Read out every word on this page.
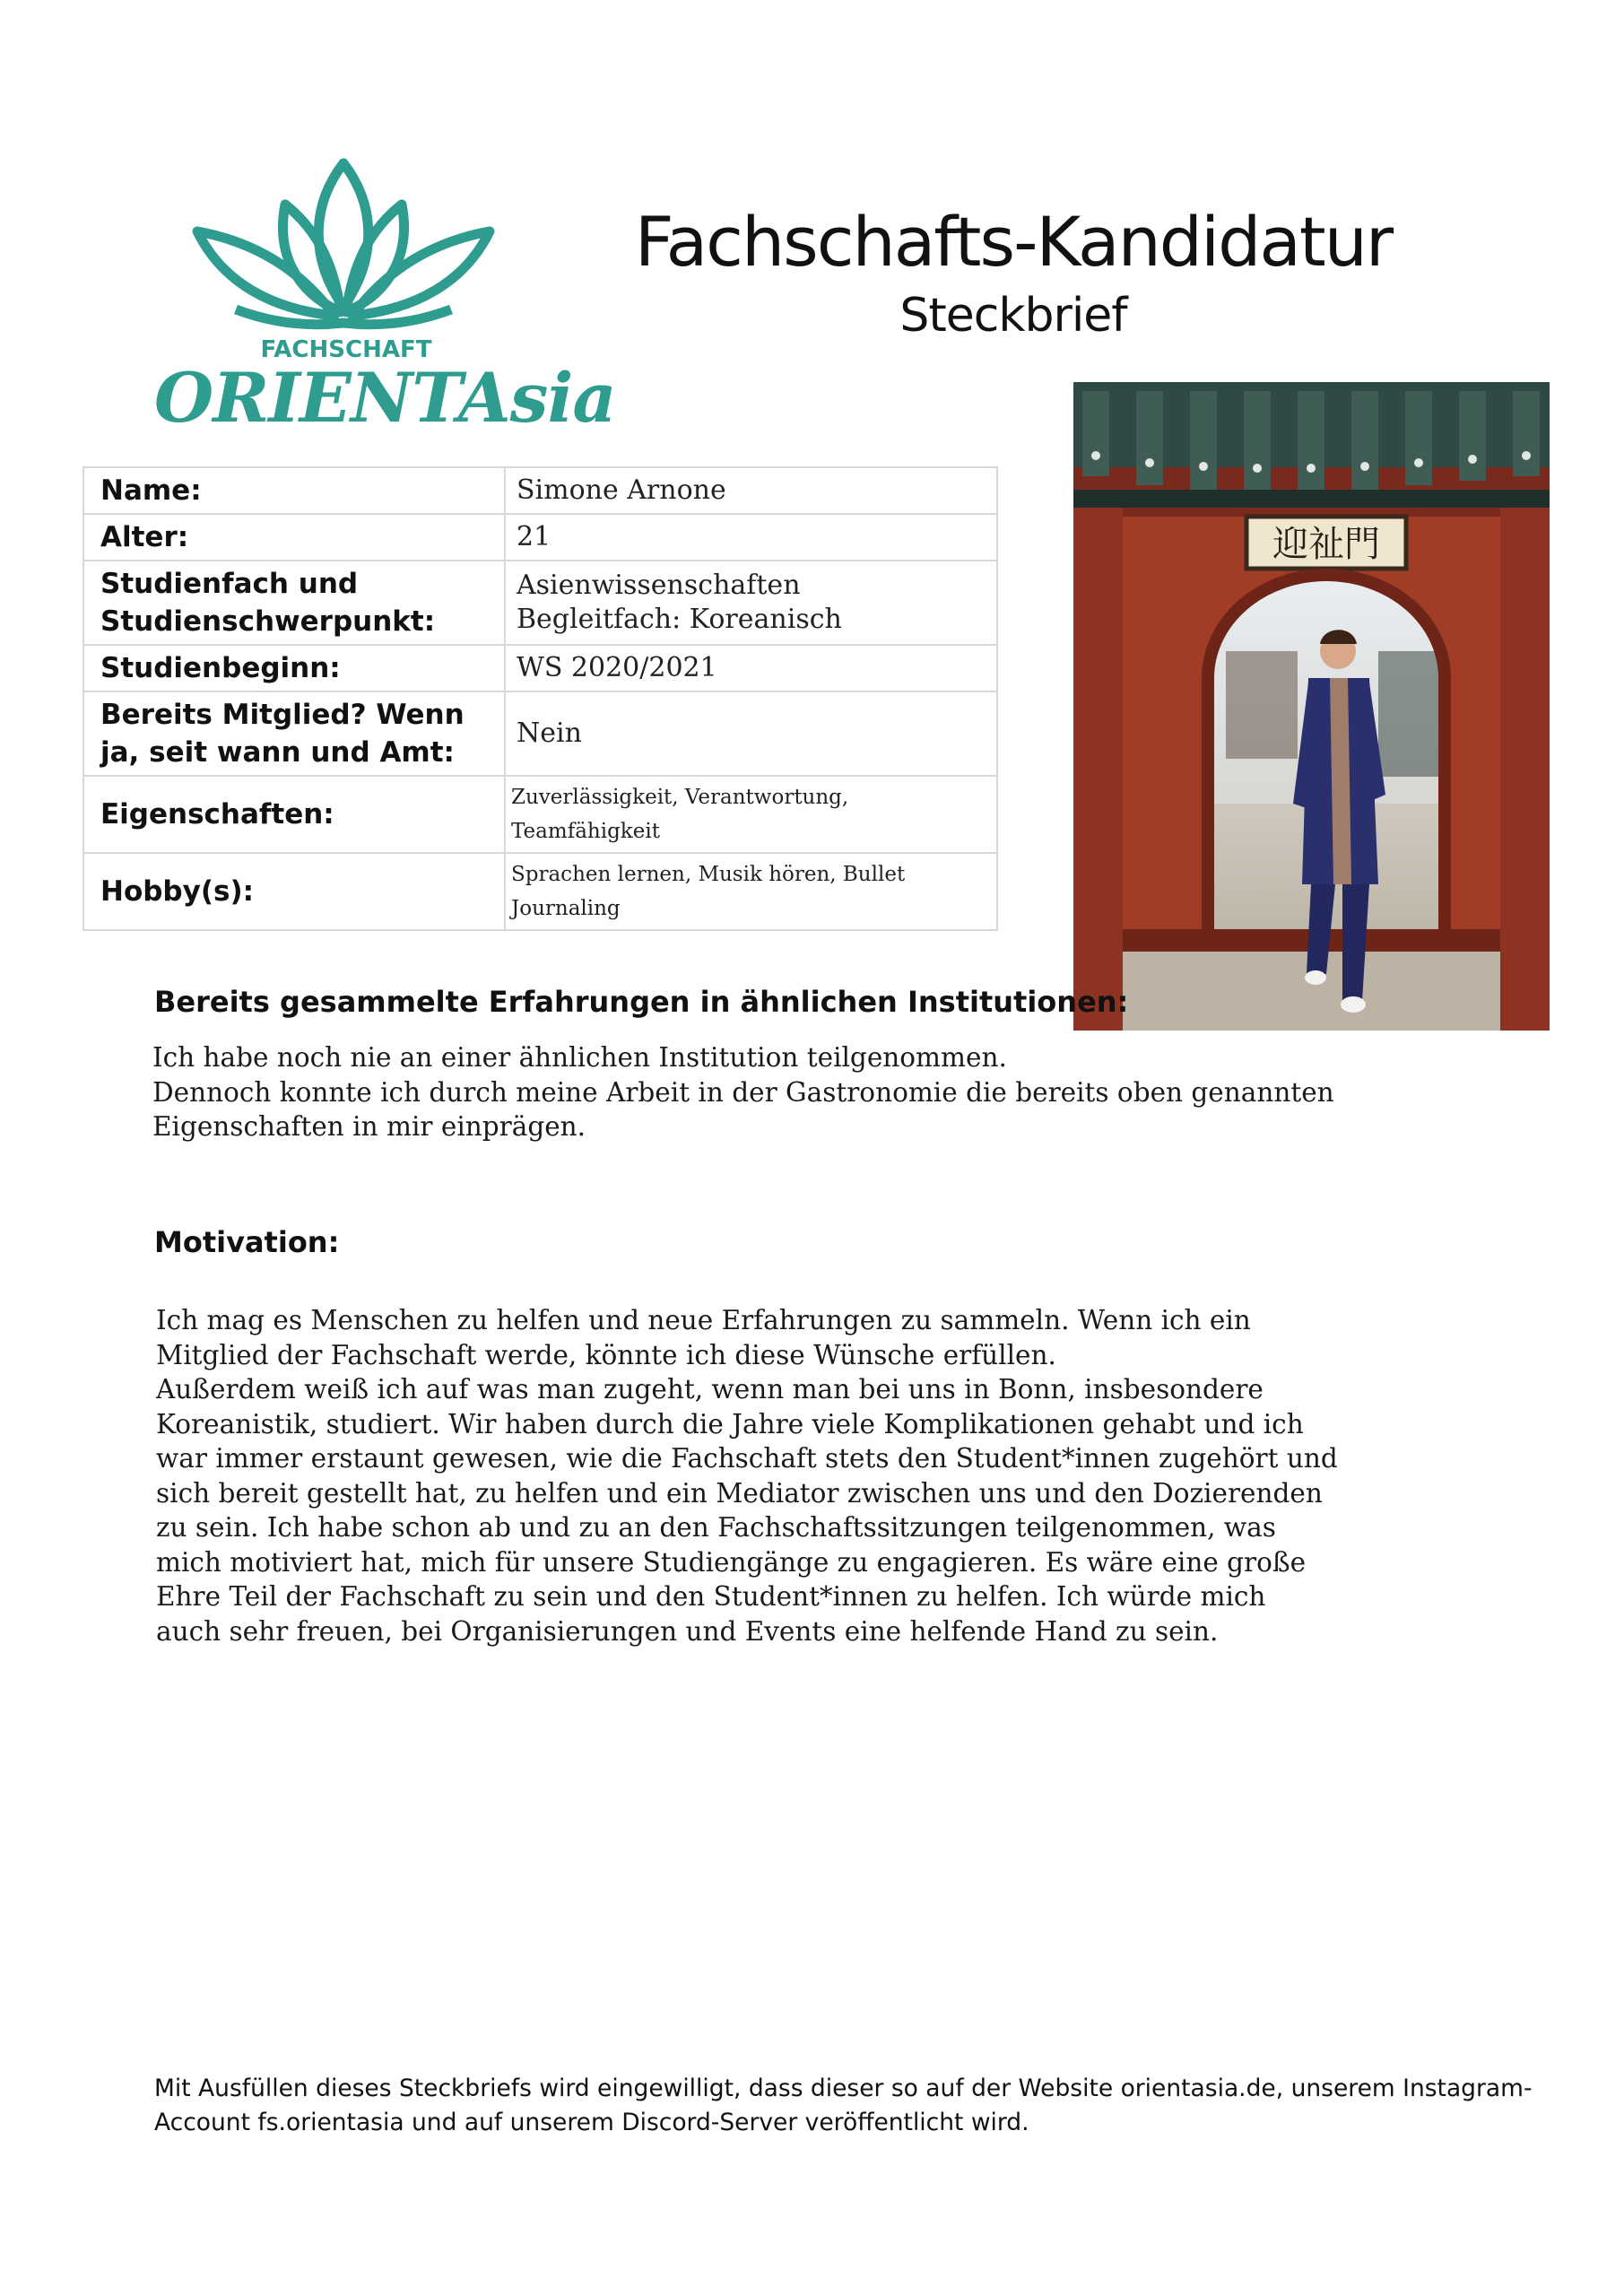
FACHSCHAFT
ORIENTAsia
Fachschafts-Kandidatur
Steckbrief
Name:	Simone Arnone
Alter:	21
Studienfach und Studienschwerpunkt:	Asienwissenschaften
Begleitfach: Koreanisch

Studienbeginn:	WS 2020/2021
Bereits Mitglied? Wenn ja, seit wann und Amt:	Nein
Eigenschaften:	Zuverlässigkeit, Verantwortung, Teamfähigkeit
Hobby(s):	Sprachen lernen, Musik hören, Bullet Journaling
迎祉門
Bereits gesammelte Erfahrungen in ähnlichen Institutionen:
Ich habe noch nie an einer ähnlichen Institution teilgenommen.
Dennoch konnte ich durch meine Arbeit in der Gastronomie die bereits oben genannten
Eigenschaften in mir einprägen.
Motivation:
Ich mag es Menschen zu helfen und neue Erfahrungen zu sammeln. Wenn ich ein
Mitglied der Fachschaft werde, könnte ich diese Wünsche erfüllen.
Außerdem weiß ich auf was man zugeht, wenn man bei uns in Bonn, insbesondere
Koreanistik, studiert. Wir haben durch die Jahre viele Komplikationen gehabt und ich
war immer erstaunt gewesen, wie die Fachschaft stets den Student*innen zugehört und
sich bereit gestellt hat, zu helfen und ein Mediator zwischen uns und den Dozierenden
zu sein. Ich habe schon ab und zu an den Fachschaftssitzungen teilgenommen, was
mich motiviert hat, mich für unsere Studiengänge zu engagieren. Es wäre eine große
Ehre Teil der Fachschaft zu sein und den Student*innen zu helfen. Ich würde mich
auch sehr freuen, bei Organisierungen und Events eine helfende Hand zu sein.
Mit Ausfüllen dieses Steckbriefs wird eingewilligt, dass dieser so auf der Website orientasia.de, unserem Instagram-
Account fs.orientasia und auf unserem Discord-Server veröffentlicht wird.
